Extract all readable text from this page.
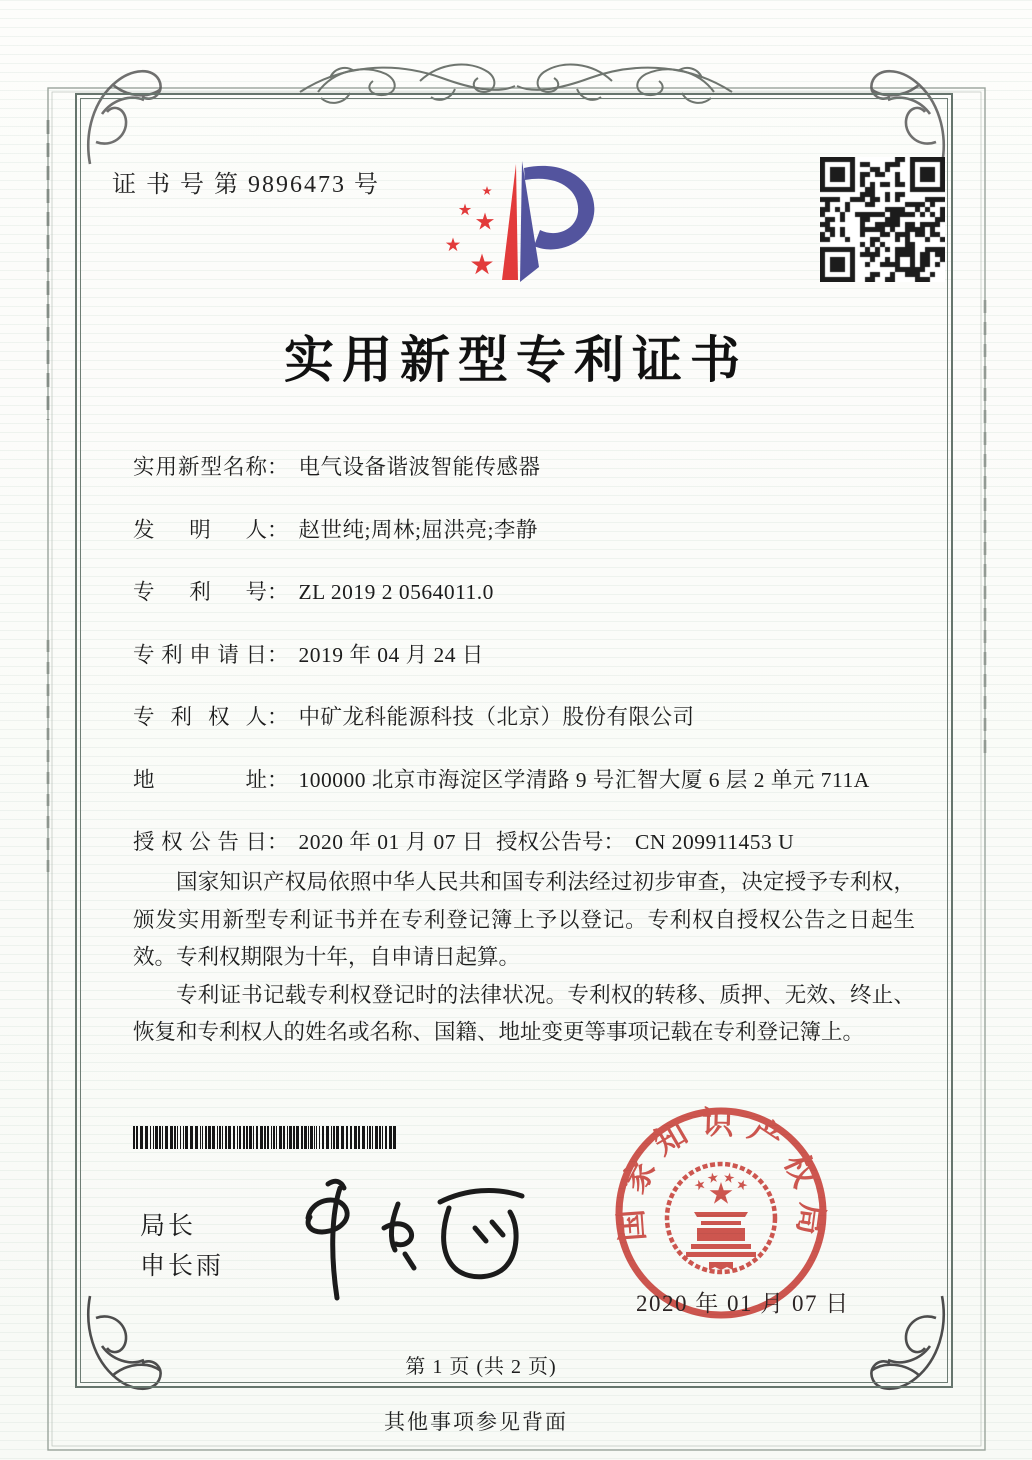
证 书 号 第 9896473 号
实用新型专利证书
实用新型名称： 电气设备谐波智能传感器
发明人： 赵世纯;周林;屈洪亮;李静
专利号： ZL 2019 2 0564011.0
专利申请日： 2019 年 04 月 24 日
专利权人： 中矿龙科能源科技（北京）股份有限公司
地址： 100000 北京市海淀区学清路 9 号汇智大厦 6 层 2 单元 711A
授权公告日： 2020 年 01 月 07 日 授权公告号： CN 209911453 U

国家知识产权局依照中华人民共和国专利法经过初步审查，决定授予专利权，颁发实用新型专利证书并在专利登记簿上予以登记。专利权自授权公告之日起生效。专利权期限为十年，自申请日起算。

专利证书记载专利权登记时的法律状况。专利权的转移、质押、无效、终止、恢复和专利权人的姓名或名称、国籍、地址变更等事项记载在专利登记簿上。

局长
申长雨
国家知识产权局
2020 年 01 月 07 日
第 1 页 (共 2 页)
其他事项参见背面
